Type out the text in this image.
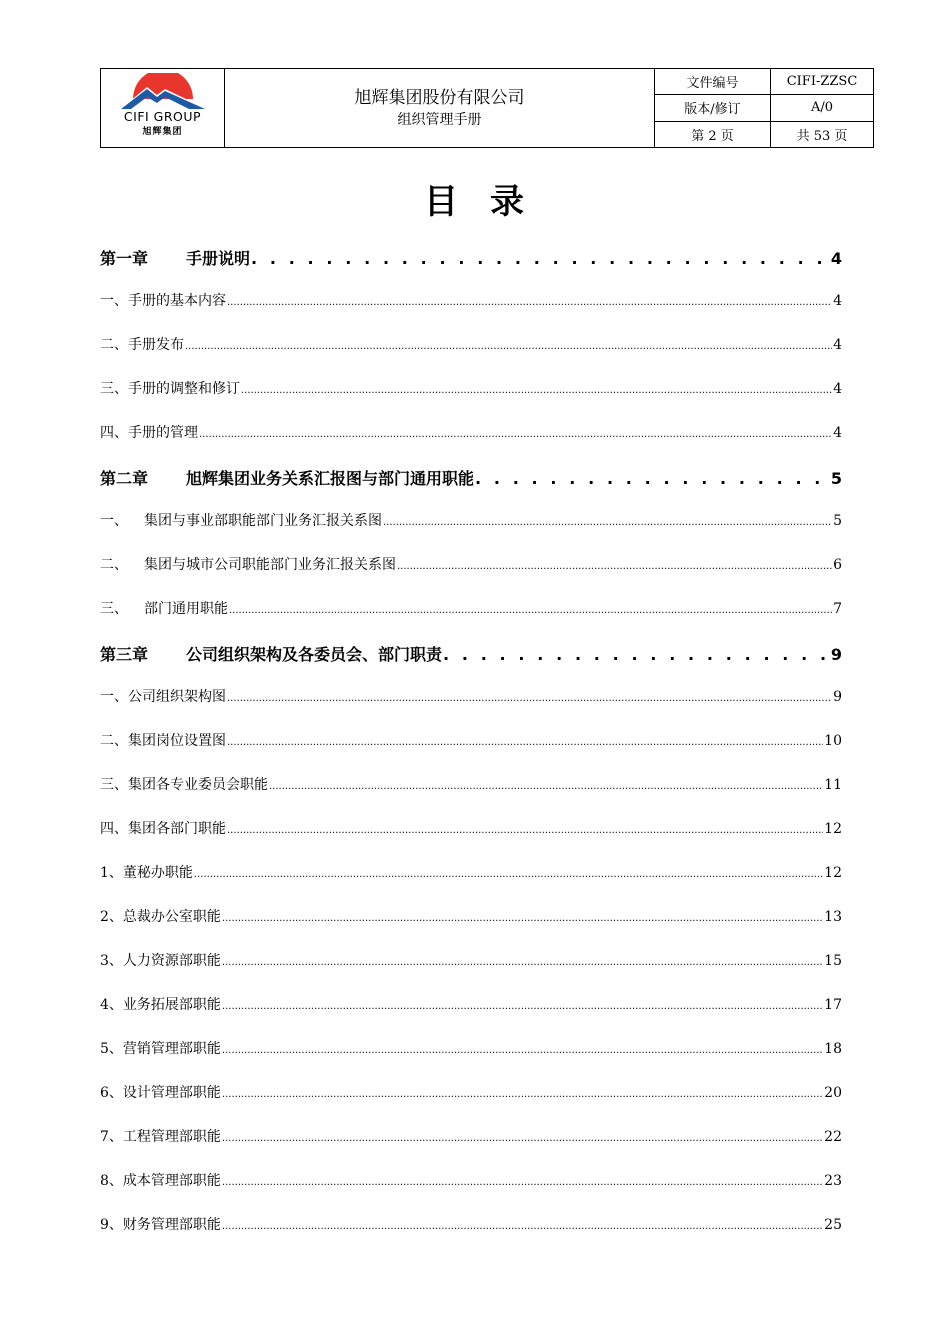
CIFI GROUP
旭辉集团
旭辉集团股份有限公司
组织管理手册
文件编号	CIFI-ZZSC
版本/修订	A/0
第 2 页	共 53 页
目 录
第一章 手册说明 . . .	4
一、手册的基本内容 .....	4
二、手册发布 .....	4
三、手册的调整和修订 .....	4
四、手册的管理 .....	4
第二章 旭辉集团业务关系汇报图与部门通用职能 . . .	5
一、 集团与事业部职能部门业务汇报关系图 .....	5
二、 集团与城市公司职能部门业务汇报关系图 .....	6
三、 部门通用职能 .....	7
第三章 公司组织架构及各委员会、部门职责 . . .	9
一、公司组织架构图 .....	9
二、集团岗位设置图 .....	10
三、集团各专业委员会职能 .....	11
四、集团各部门职能 .....	12
1、董秘办职能 .....	12
2、总裁办公室职能 .....	13
3、人力资源部职能 .....	15
4、业务拓展部职能 .....	17
5、营销管理部职能 .....	18
6、设计管理部职能 .....	20
7、工程管理部职能 .....	22
8、成本管理部职能 .....	23
9、财务管理部职能 .....	25
